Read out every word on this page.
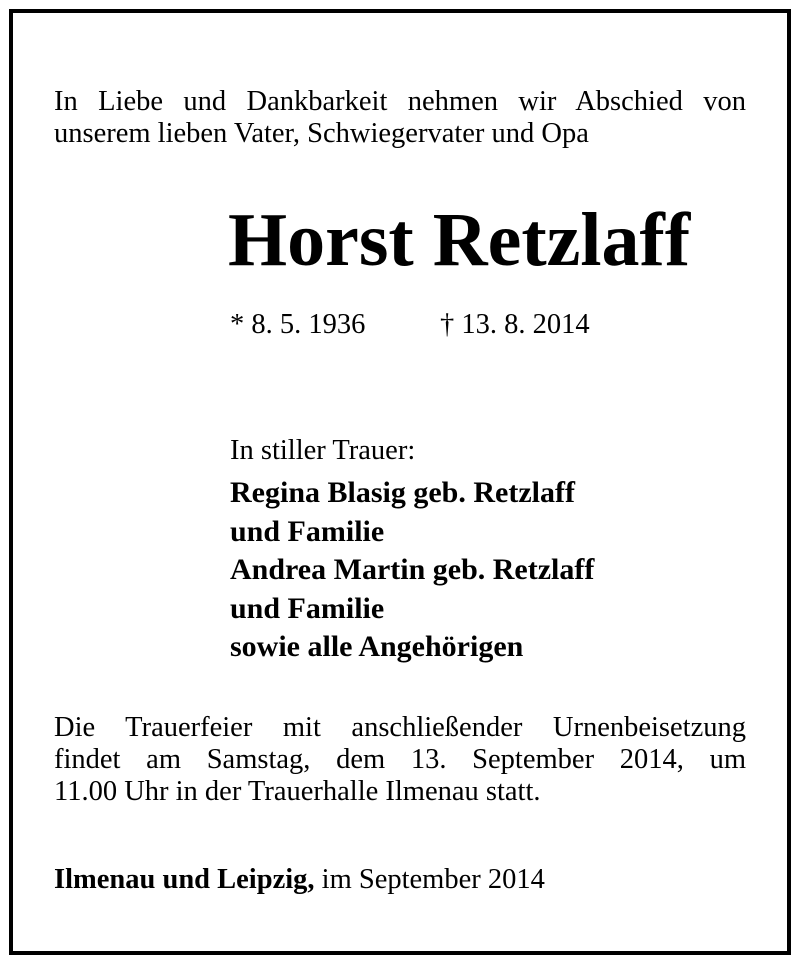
In Liebe und Dankbarkeit nehmen wir Abschied von
unserem lieben Vater, Schwiegervater und Opa

Horst Retzlaff
* 8. 5. 1936	† 13. 8. 2014
In stiller Trauer:
Regina Blasig geb. Retzlaff
und Familie
Andrea Martin geb. Retzlaff
und Familie
sowie alle Angehörigen
Die Trauerfeier mit anschließender Urnenbeisetzung
findet am Samstag, dem 13. September 2014, um
11.00 Uhr in der Trauerhalle Ilmenau statt.
Ilmenau und Leipzig, im September 2014
